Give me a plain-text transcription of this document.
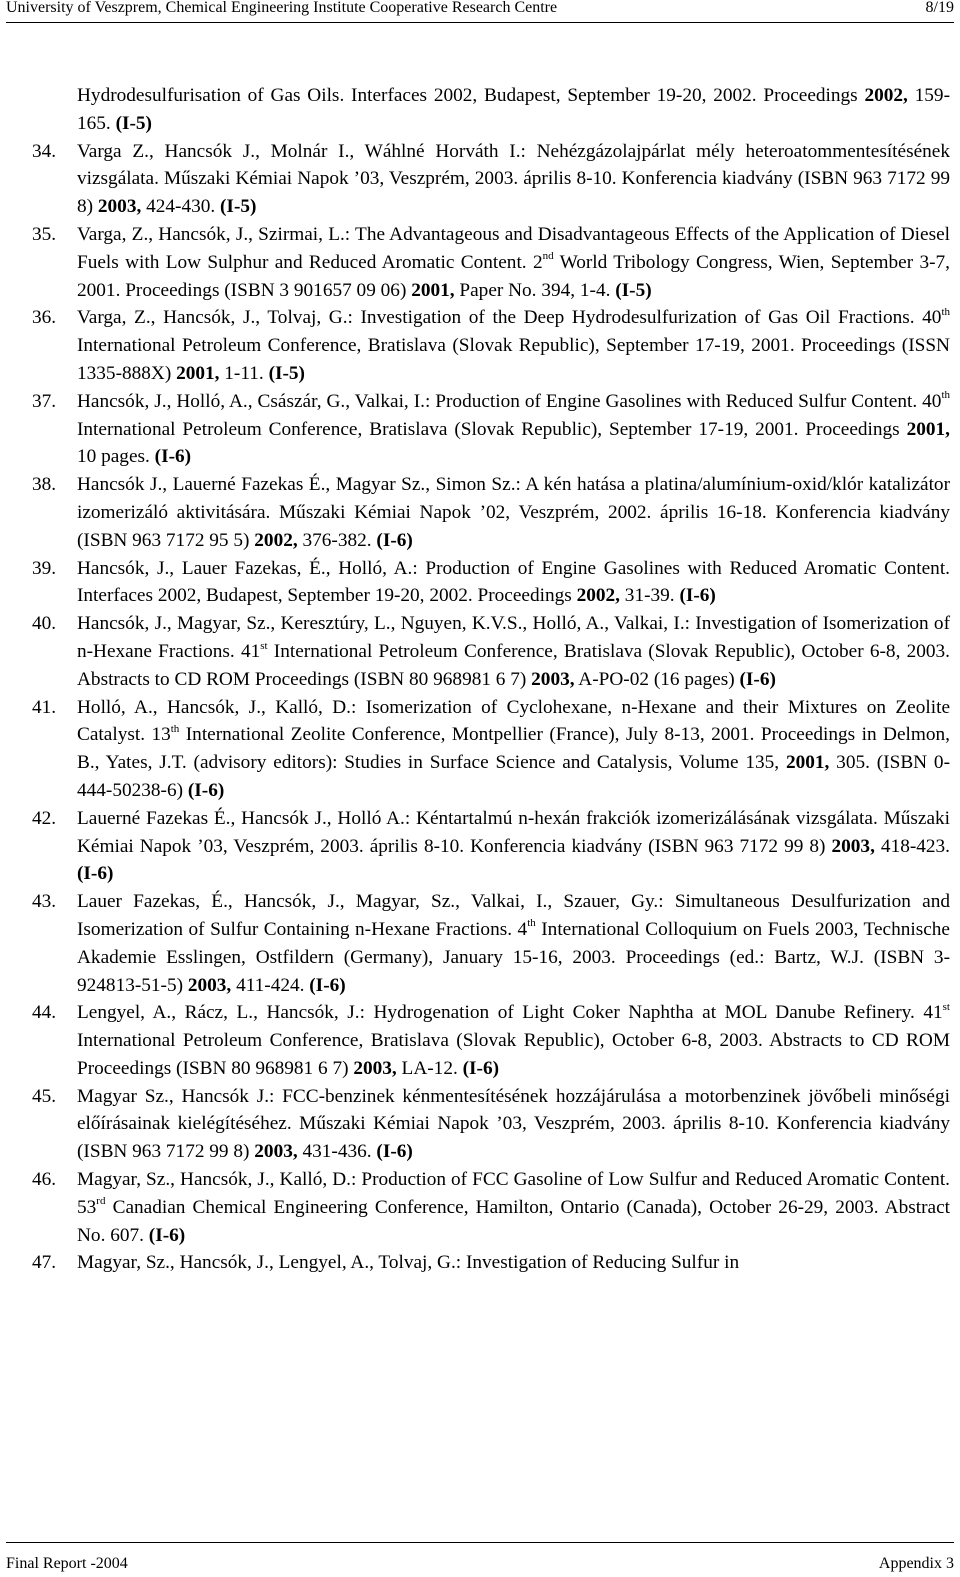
University of Veszprem, Chemical Engineering Institute Cooperative Research Centre	8/19
Hydrodesulfurisation of Gas Oils. Interfaces 2002, Budapest, September 19-20, 2002. Proceedings 2002, 159-165. (I-5)
34. Varga Z., Hancsók J., Molnár I., Wáhlné Horváth I.: Nehézgázolajpárlat mély heteroatommentesítésének vizsgálata. Műszaki Kémiai Napok ’03, Veszprém, 2003. április 8-10. Konferencia kiadvány (ISBN 963 7172 99 8) 2003, 424-430. (I-5)
35. Varga, Z., Hancsók, J., Szirmai, L.: The Advantageous and Disadvantageous Effects of the Application of Diesel Fuels with Low Sulphur and Reduced Aromatic Content. 2nd World Tribology Congress, Wien, September 3-7, 2001. Proceedings (ISBN 3 901657 09 06) 2001, Paper No. 394, 1-4. (I-5)
36. Varga, Z., Hancsók, J., Tolvaj, G.: Investigation of the Deep Hydrodesulfurization of Gas Oil Fractions. 40th International Petroleum Conference, Bratislava (Slovak Republic), September 17-19, 2001. Proceedings (ISSN 1335-888X) 2001, 1-11. (I-5)
37. Hancsók, J., Holló, A., Császár, G., Valkai, I.: Production of Engine Gasolines with Reduced Sulfur Content. 40th International Petroleum Conference, Bratislava (Slovak Republic), September 17-19, 2001. Proceedings 2001, 10 pages. (I-6)
38. Hancsók J., Lauerné Fazekas É., Magyar Sz., Simon Sz.: A kén hatása a platina/alumínium-oxid/klór katalizátor izomerizáló aktivitására. Műszaki Kémiai Napok ’02, Veszprém, 2002. április 16-18. Konferencia kiadvány (ISBN 963 7172 95 5) 2002, 376-382. (I-6)
39. Hancsók, J., Lauer Fazekas, É., Holló, A.: Production of Engine Gasolines with Reduced Aromatic Content. Interfaces 2002, Budapest, September 19-20, 2002. Proceedings 2002, 31-39. (I-6)
40. Hancsók, J., Magyar, Sz., Keresztúry, L., Nguyen, K.V.S., Holló, A., Valkai, I.: Investigation of Isomerization of n-Hexane Fractions. 41st International Petroleum Conference, Bratislava (Slovak Republic), October 6-8, 2003. Abstracts to CD ROM Proceedings (ISBN 80 968981 6 7) 2003, A-PO-02 (16 pages) (I-6)
41. Holló, A., Hancsók, J., Kalló, D.: Isomerization of Cyclohexane, n-Hexane and their Mixtures on Zeolite Catalyst. 13th International Zeolite Conference, Montpellier (France), July 8-13, 2001. Proceedings in Delmon, B., Yates, J.T. (advisory editors): Studies in Surface Science and Catalysis, Volume 135, 2001, 305. (ISBN 0-444-50238-6) (I-6)
42. Lauerné Fazekas É., Hancsók J., Holló A.: Kéntartalmú n-hexán frakciók izomerizálásának vizsgálata. Műszaki Kémiai Napok ’03, Veszprém, 2003. április 8-10. Konferencia kiadvány (ISBN 963 7172 99 8) 2003, 418-423. (I-6)
43. Lauer Fazekas, É., Hancsók, J., Magyar, Sz., Valkai, I., Szauer, Gy.: Simultaneous Desulfurization and Isomerization of Sulfur Containing n-Hexane Fractions. 4th International Colloquium on Fuels 2003, Technische Akademie Esslingen, Ostfildern (Germany), January 15-16, 2003. Proceedings (ed.: Bartz, W.J. (ISBN 3-924813-51-5) 2003, 411-424. (I-6)
44. Lengyel, A., Rácz, L., Hancsók, J.: Hydrogenation of Light Coker Naphtha at MOL Danube Refinery. 41st International Petroleum Conference, Bratislava (Slovak Republic), October 6-8, 2003. Abstracts to CD ROM Proceedings (ISBN 80 968981 6 7) 2003, LA-12. (I-6)
45. Magyar Sz., Hancsók J.: FCC-benzinek kénmentesítésének hozzájárulása a motorbenzinek jövőbeli minőségi előírásainak kielégítéséhez. Műszaki Kémiai Napok ’03, Veszprém, 2003. április 8-10. Konferencia kiadvány (ISBN 963 7172 99 8) 2003, 431-436. (I-6)
46. Magyar, Sz., Hancsók, J., Kalló, D.: Production of FCC Gasoline of Low Sulfur and Reduced Aromatic Content. 53rd Canadian Chemical Engineering Conference, Hamilton, Ontario (Canada), October 26-29, 2003. Abstract No. 607. (I-6)
47. Magyar, Sz., Hancsók, J., Lengyel, A., Tolvaj, G.: Investigation of Reducing Sulfur in
Final Report -2004	Appendix 3
